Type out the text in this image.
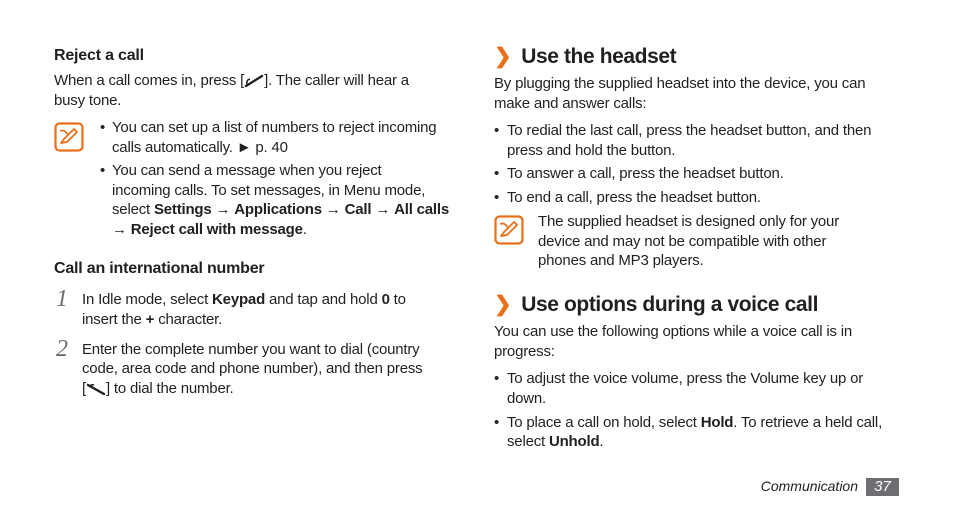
Reject a call
When a call comes in, press [ ]. The caller will hear a
busy tone.
• You can set up a list of numbers to reject incoming
calls automatically. ► p. 40
• You can send a message when you reject
incoming calls. To set messages, in Menu mode,
select Settings → Applications → Call → All calls
→ Reject call with message.
Call an international number
1 In Idle mode, select Keypad and tap and hold 0 to
insert the + character.
2 Enter the complete number you want to dial (country
code, area code and phone number), and then press
[ ] to dial the number.
❯ Use the headset
By plugging the supplied headset into the device, you can
make and answer calls:
• To redial the last call, press the headset button, and then
press and hold the button.
• To answer a call, press the headset button.
• To end a call, press the headset button.
The supplied headset is designed only for your
device and may not be compatible with other
phones and MP3 players.
❯ Use options during a voice call
You can use the following options while a voice call is in
progress:
• To adjust the voice volume, press the Volume key up or
down.
• To place a call on hold, select Hold. To retrieve a held call,
select Unhold.
Communication	37
